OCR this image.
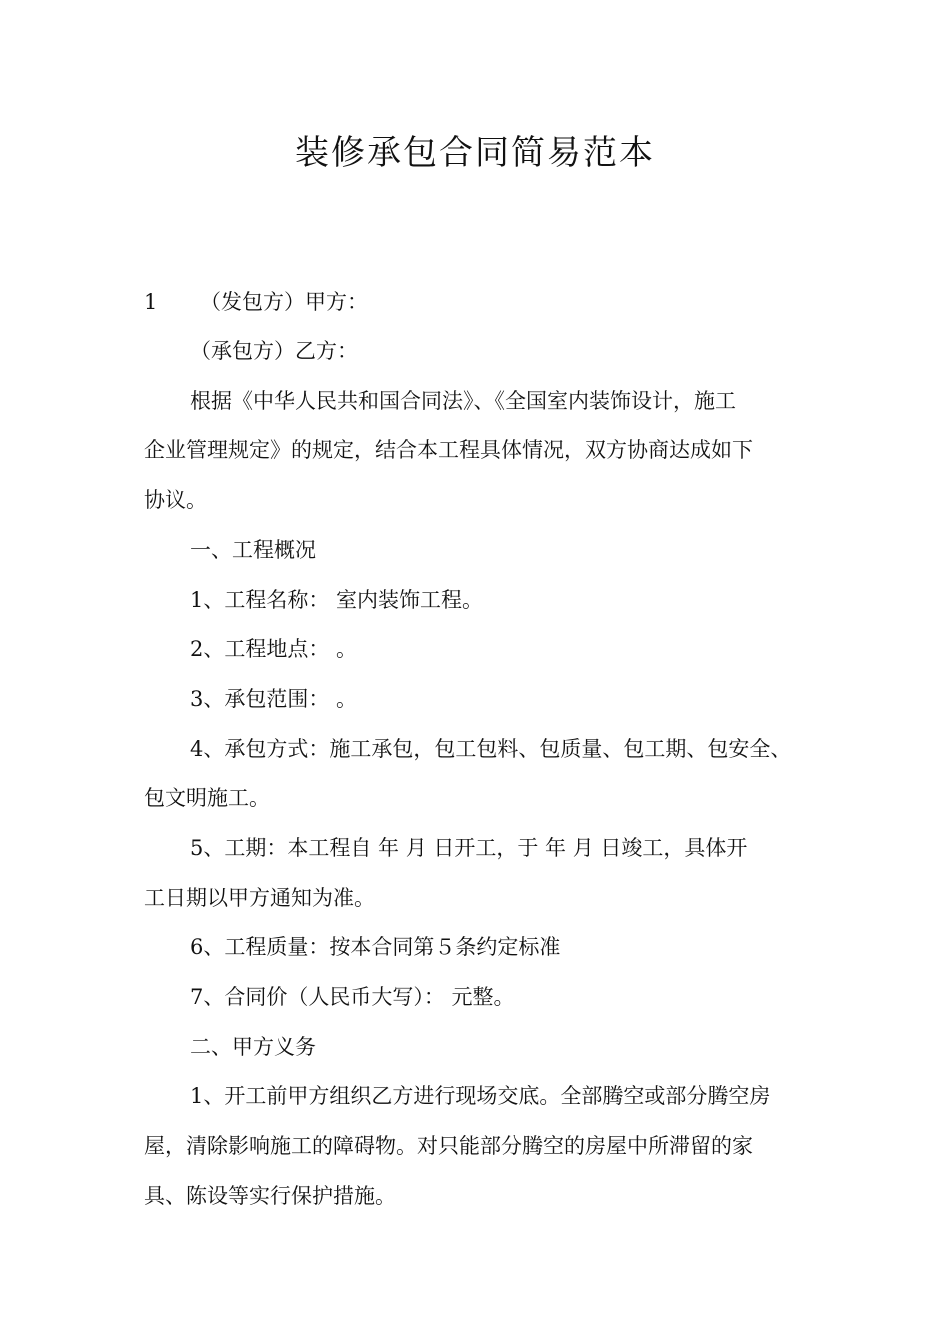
装修承包合同简易范本
1 （发包方）甲方：
（承包方）乙方：
根据《中华人民共和国合同法》、《全国室内装饰设计，施工
企业管理规定》的规定，结合本工程具体情况，双方协商达成如下
协议。
一、工程概况
1、工程名称： 室内装饰工程。
2、工程地点： 。
3、承包范围： 。
4、承包方式：施工承包，包工包料、包质量、包工期、包安全、
包文明施工。
5、工期：本工程自 年 月 日开工，于 年 月 日竣工，具体开
工日期以甲方通知为准。
6、工程质量：按本合同第５条约定标准
7、合同价（人民币大写）： 元整。
二、甲方义务
1、开工前甲方组织乙方进行现场交底。全部腾空或部分腾空房
屋，清除影响施工的障碍物。对只能部分腾空的房屋中所滞留的家
具、陈设等实行保护措施。
